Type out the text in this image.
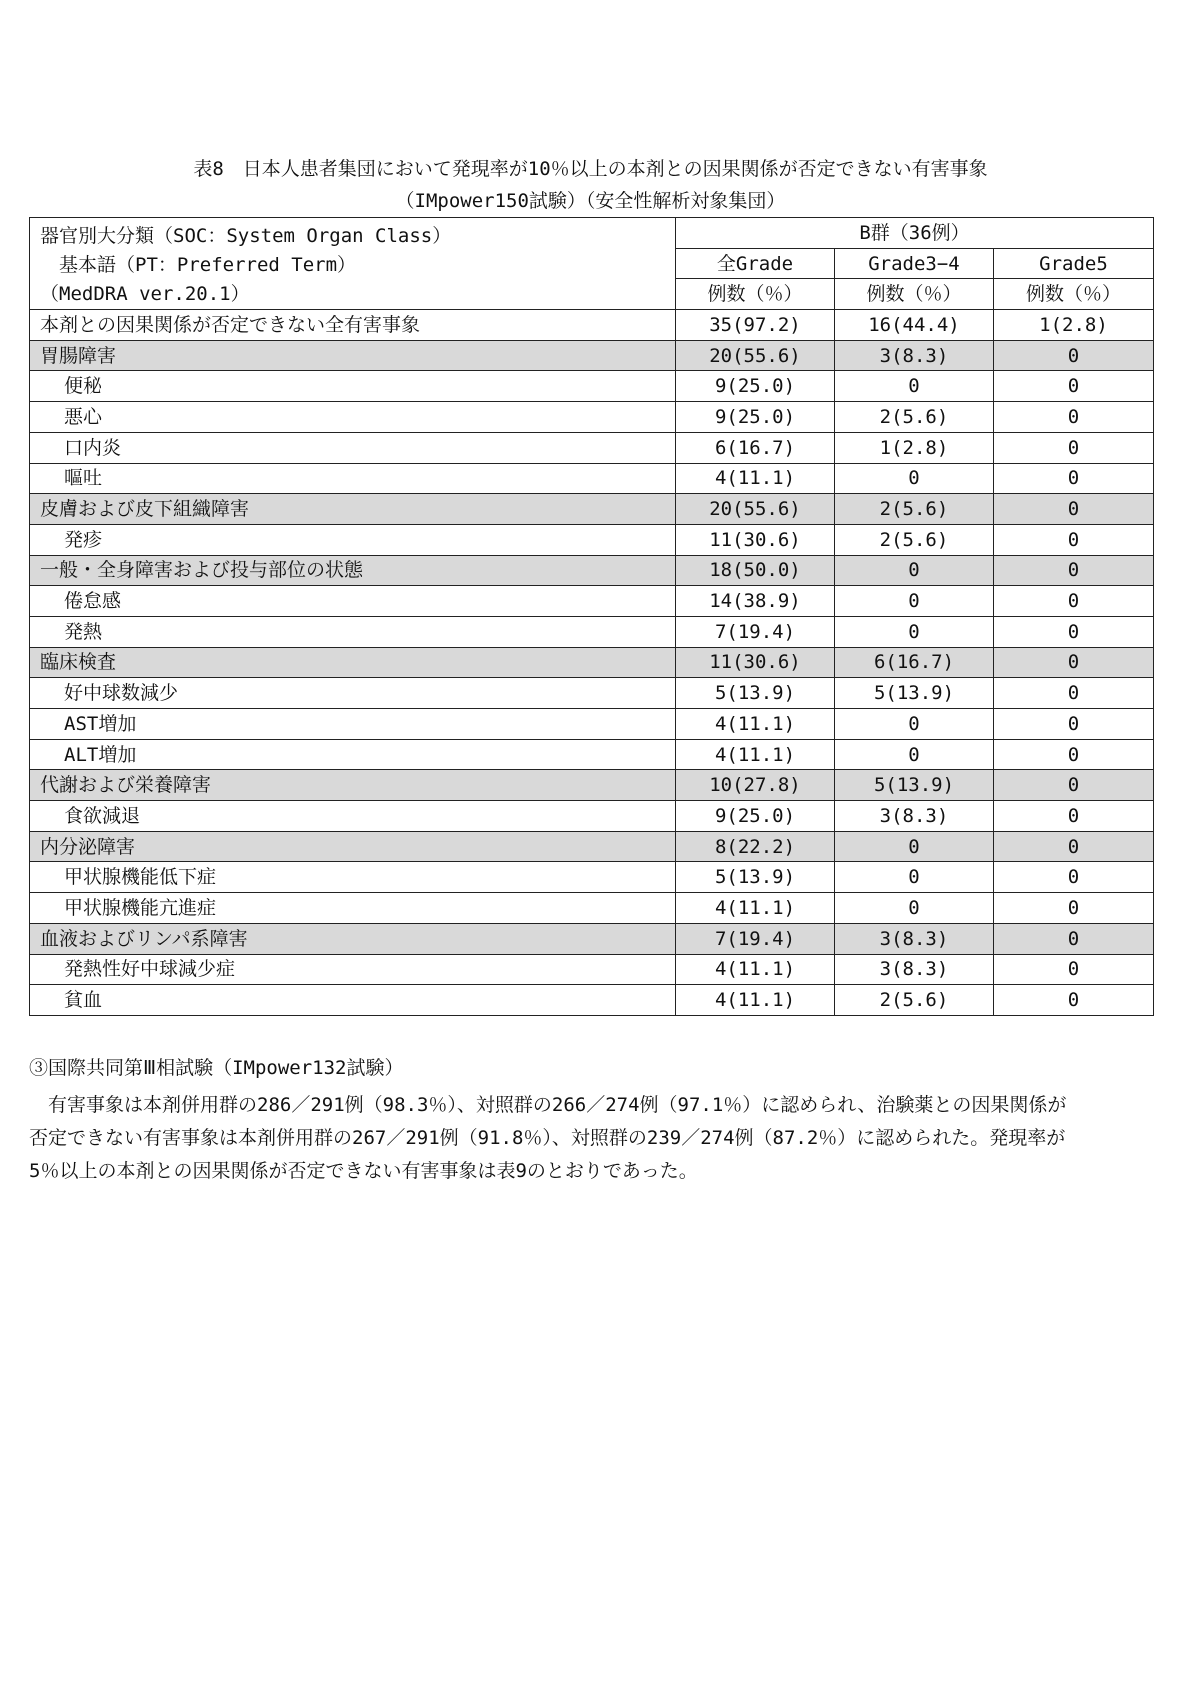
表8　日本人患者集団において発現率が10％以上の本剤との因果関係が否定できない有害事象
（IMpower150試験）（安全性解析対象集団）
器官別大分類（SOC：System Organ Class）
　基本語（PT：Preferred Term）
（MedDRA ver.20.1）	B群（36例）		
	全Grade	Grade3−4	Grade5
	例数（％）	例数（％）	例数（％）
本剤との因果関係が否定できない全有害事象	35(97.2)	16(44.4)	1(2.8)
胃腸障害	20(55.6)	3(8.3)	0
便秘	9(25.0)	0	0
悪心	9(25.0)	2(5.6)	0
口内炎	6(16.7)	1(2.8)	0
嘔吐	4(11.1)	0	0
皮膚および皮下組織障害	20(55.6)	2(5.6)	0
発疹	11(30.6)	2(5.6)	0
一般・全身障害および投与部位の状態	18(50.0)	0	0
倦怠感	14(38.9)	0	0
発熱	7(19.4)	0	0
臨床検査	11(30.6)	6(16.7)	0
好中球数減少	5(13.9)	5(13.9)	0
AST増加	4(11.1)	0	0
ALT増加	4(11.1)	0	0
代謝および栄養障害	10(27.8)	5(13.9)	0
食欲減退	9(25.0)	3(8.3)	0
内分泌障害	8(22.2)	0	0
甲状腺機能低下症	5(13.9)	0	0
甲状腺機能亢進症	4(11.1)	0	0
血液およびリンパ系障害	7(19.4)	3(8.3)	0
発熱性好中球減少症	4(11.1)	3(8.3)	0
貧血	4(11.1)	2(5.6)	0
③国際共同第Ⅲ相試験（IMpower132試験）
　有害事象は本剤併用群の286／291例（98.3％）、対照群の266／274例（97.1％）に認められ、治験薬との因果関係が
否定できない有害事象は本剤併用群の267／291例（91.8％）、対照群の239／274例（87.2％）に認められた。発現率が
5％以上の本剤との因果関係が否定できない有害事象は表9のとおりであった。
